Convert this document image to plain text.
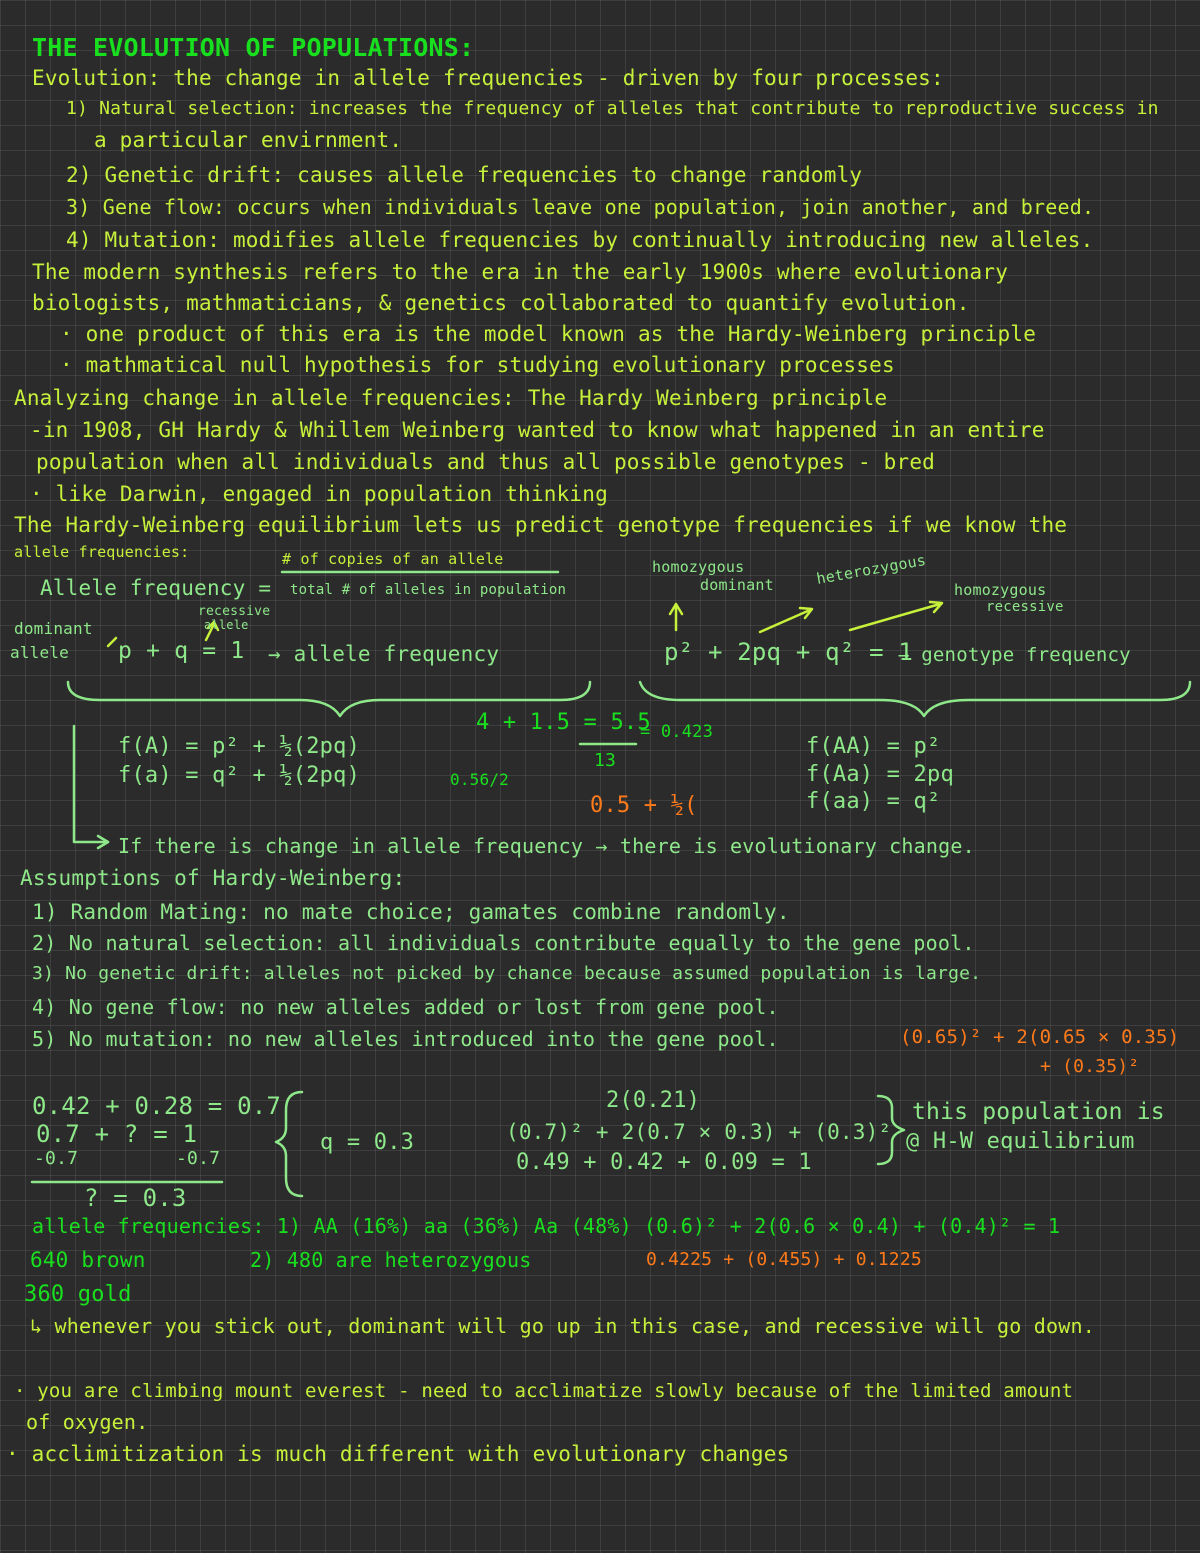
THE EVOLUTION OF POPULATIONS:
Evolution: the change in allele frequencies - driven by four processes:
1) Natural selection: increases the frequency of alleles that contribute to reproductive success in
a particular envirnment.
2) Genetic drift: causes allele frequencies to change randomly
3) Gene flow: occurs when individuals leave one population, join another, and breed.
4) Mutation: modifies allele frequencies by continually introducing new alleles.
The modern synthesis refers to the era in the early 1900s where evolutionary
biologists, mathmaticians, & genetics collaborated to quantify evolution.
· one product of this era is the model known as the Hardy-Weinberg principle
· mathmatical null hypothesis for studying evolutionary processes
Analyzing change in allele frequencies: The Hardy Weinberg principle
-in 1908, GH Hardy & Whillem Weinberg wanted to know what happened in an entire
population when all individuals and thus all possible genotypes - bred
· like Darwin, engaged in population thinking
The Hardy-Weinberg equilibrium lets us predict genotype frequencies if we know the
allele frequencies:	# of copies of an allele
Allele frequency = total # of alleles in population
recessive
allele
dominant
allele p + q = 1 → allele frequency
homozygous
dominant	heterozygous
homozygous
recessive
p² + 2pq + q² = 1
→ genotype frequency
f(A) = p² + ½(2pq)
f(a) = q² + ½(2pq)
4 + 1.5 = 5.5
= 0.423
13
0.56/2
0.5 + ½(
f(AA) = p²
f(Aa) = 2pq
f(aa) = q²
If there is change in allele frequency → there is evolutionary change.
Assumptions of Hardy-Weinberg:
1) Random Mating: no mate choice; gamates combine randomly.
2) No natural selection: all individuals contribute equally to the gene pool.
3) No genetic drift: alleles not picked by chance because assumed population is large.
4) No gene flow: no new alleles added or lost from gene pool.
5) No mutation: no new alleles introduced into the gene pool.	(0.65)² + 2(0.65 × 0.35)
+ (0.35)²
0.42 + 0.28 = 0.7
0.7 + ? = 1
-0.7	-0.7
? = 0.3
q = 0.3
2(0.21)
(0.7)² + 2(0.7 × 0.3) + (0.3)²
0.49 + 0.42 + 0.09 = 1
this population is
@ H-W equilibrium
allele frequencies: 1) AA (16%) aa (36%) Aa (48%) (0.6)² + 2(0.6 × 0.4) + (0.4)² = 1
640 brown	2) 480 are heterozygous	0.4225 + (0.455) + 0.1225
360 gold
↳ whenever you stick out, dominant will go up in this case, and recessive will go down.
· you are climbing mount everest - need to acclimatize slowly because of the limited amount
of oxygen.
· acclimitization is much different with evolutionary changes
